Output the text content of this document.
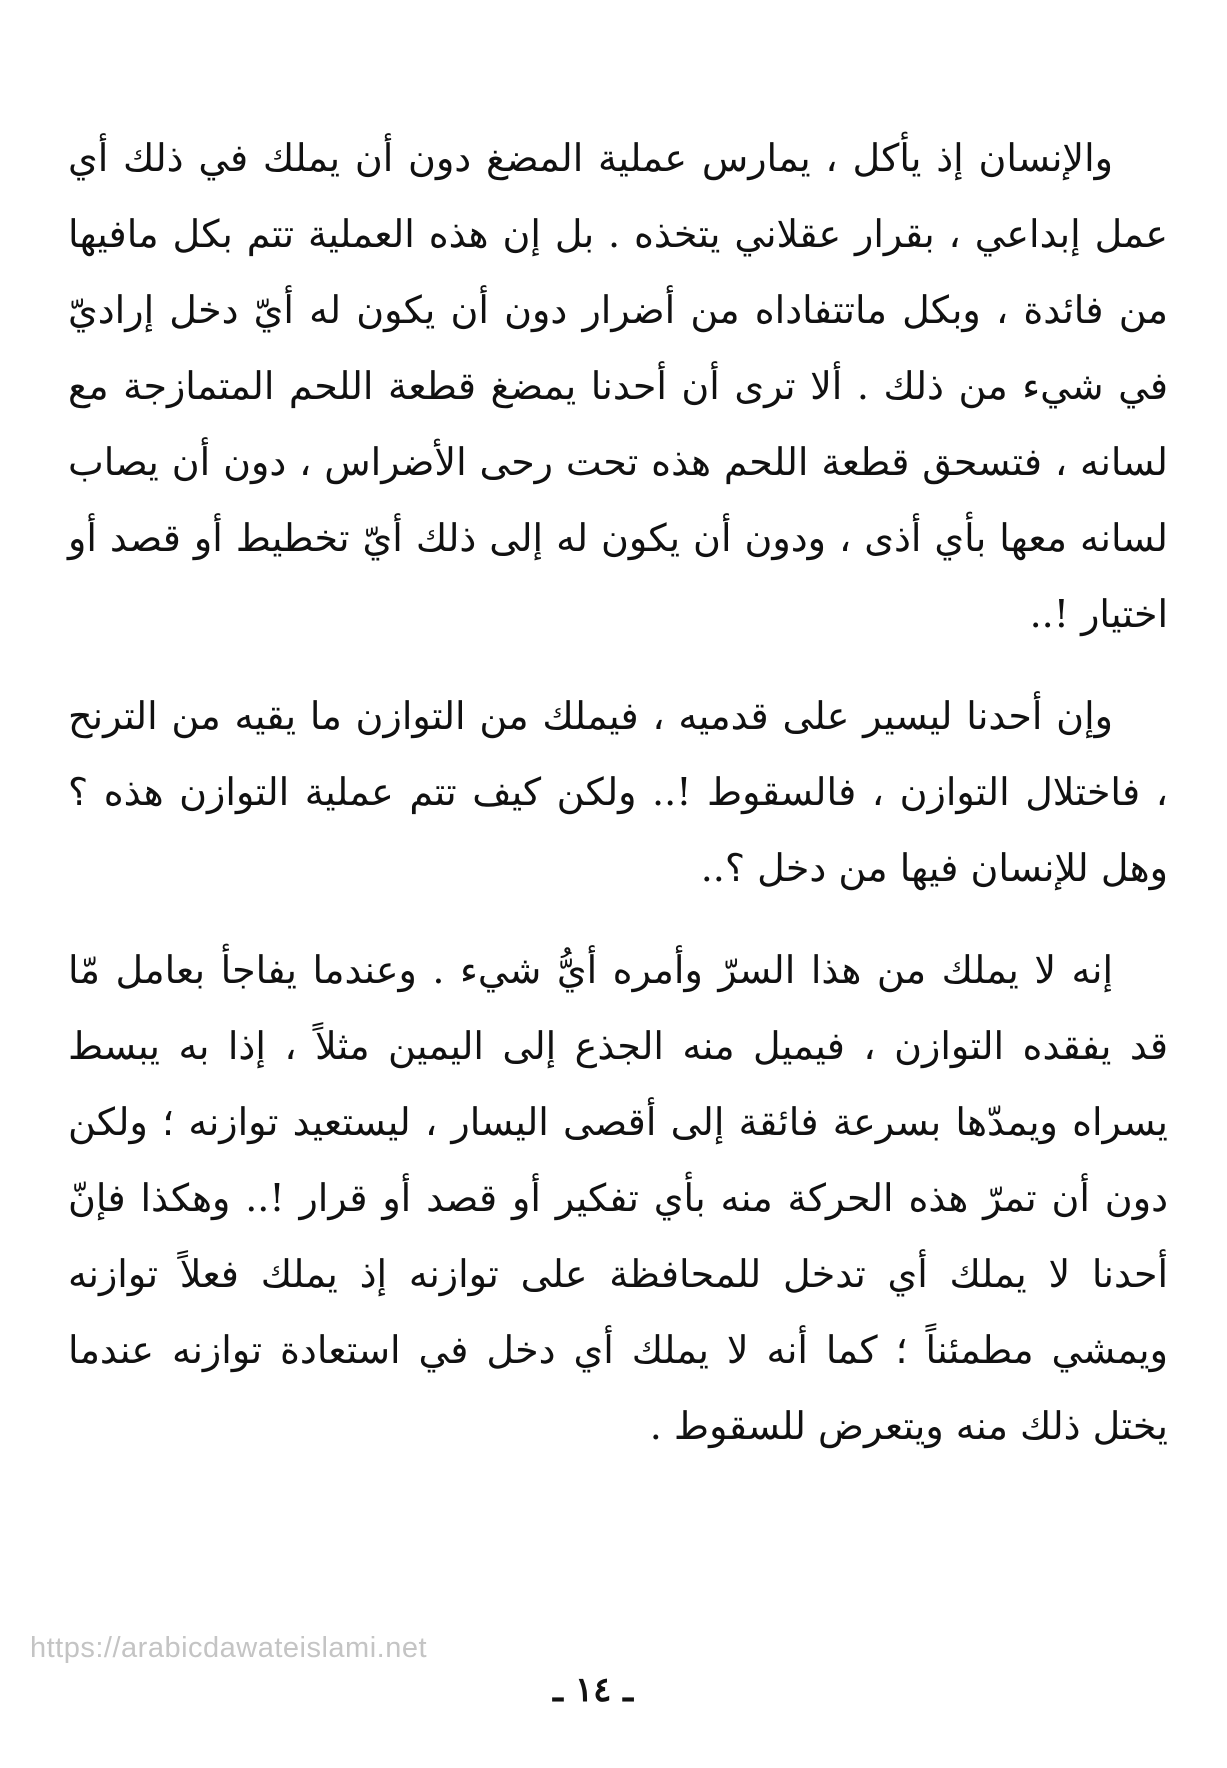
والإنسان إذ يأكل ، يمارس عملية المضغ دون أن يملك في ذلك أي عمل إبداعي ، بقرار عقلاني يتخذه . بل إن هذه العملية تتم بكل مافيها من فائدة ، وبكل ماتتفاداه من أضرار دون أن يكون له أيّ دخل إراديّ في شيء من ذلك . ألا ترى أن أحدنا يمضغ قطعة اللحم المتمازجة مع لسانه ، فتسحق قطعة اللحم هذه تحت رحى الأضراس ، دون أن يصاب لسانه معها بأي أذى ، ودون أن يكون له إلى ذلك أيّ تخطيط أو قصد أو اختيار !..

وإن أحدنا ليسير على قدميه ، فيملك من التوازن ما يقيه من الترنح ، فاختلال التوازن ، فالسقوط !.. ولكن كيف تتم عملية التوازن هذه ؟ وهل للإنسان فيها من دخل ؟..

إنه لا يملك من هذا السرّ وأمره أيُّ شيء . وعندما يفاجأ بعامل مّا قد يفقده التوازن ، فيميل منه الجذع إلى اليمين مثلاً ، إذا به يبسط يسراه ويمدّها بسرعة فائقة إلى أقصى اليسار ، ليستعيد توازنه ؛ ولكن دون أن تمرّ هذه الحركة منه بأي تفكير أو قصد أو قرار !.. وهكذا فإنّ أحدنا لا يملك أي تدخل للمحافظة على توازنه إذ يملك فعلاً توازنه ويمشي مطمئناً ؛ كما أنه لا يملك أي دخل في استعادة توازنه عندما يختل ذلك منه ويتعرض للسقوط .

https://arabicdawateislami.net
ـ ١٤ ـ
